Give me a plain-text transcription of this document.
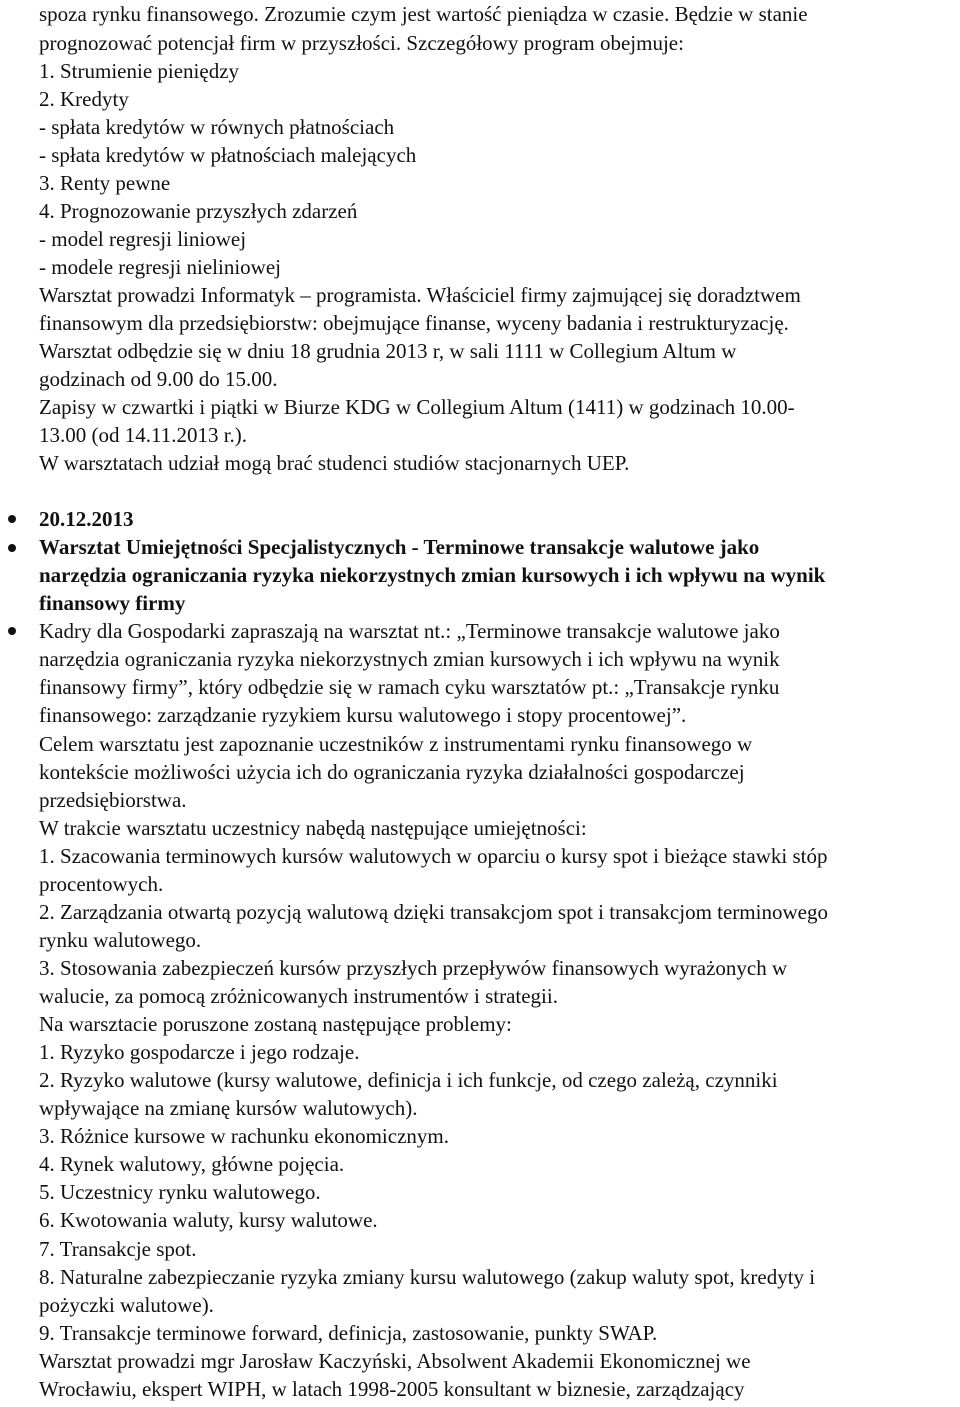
spoza rynku finansowego. Zrozumie czym jest wartość pieniądza w czasie. Będzie w stanie
prognozować potencjał firm w przyszłości. Szczegółowy program obejmuje:
1. Strumienie pieniędzy
2. Kredyty
- spłata kredytów w równych płatnościach
- spłata kredytów w płatnościach malejących
3. Renty pewne
4. Prognozowanie przyszłych zdarzeń
- model regresji liniowej
- modele regresji nieliniowej
Warsztat prowadzi Informatyk – programista. Właściciel firmy zajmującej się doradztwem
finansowym dla przedsiębiorstw: obejmujące finanse, wyceny badania i restrukturyzację.
Warsztat odbędzie się w dniu 18 grudnia 2013 r, w sali 1111 w Collegium Altum w
godzinach od 9.00 do 15.00.
Zapisy w czwartki i piątki w Biurze KDG w Collegium Altum (1411) w godzinach 10.00-
13.00 (od 14.11.2013 r.).
W warsztatach udział mogą brać studenci studiów stacjonarnych UEP.
20.12.2013
Warsztat Umiejętności Specjalistycznych - Terminowe transakcje walutowe jako
narzędzia ograniczania ryzyka niekorzystnych zmian kursowych i ich wpływu na wynik
finansowy firmy
Kadry dla Gospodarki zapraszają na warsztat nt.: „Terminowe transakcje walutowe jako
narzędzia ograniczania ryzyka niekorzystnych zmian kursowych i ich wpływu na wynik
finansowy firmy”, który odbędzie się w ramach cyku warsztatów pt.: „Transakcje rynku
finansowego: zarządzanie ryzykiem kursu walutowego i stopy procentowej”.
Celem warsztatu jest zapoznanie uczestników z instrumentami rynku finansowego w
kontekście możliwości użycia ich do ograniczania ryzyka działalności gospodarczej
przedsiębiorstwa.
W trakcie warsztatu uczestnicy nabędą następujące umiejętności:
1. Szacowania terminowych kursów walutowych w oparciu o kursy spot i bieżące stawki stóp
procentowych.
2. Zarządzania otwartą pozycją walutową dzięki transakcjom spot i transakcjom terminowego
rynku walutowego.
3. Stosowania zabezpieczeń kursów przyszłych przepływów finansowych wyrażonych w
walucie, za pomocą zróżnicowanych instrumentów i strategii.
Na warsztacie poruszone zostaną następujące problemy:
1. Ryzyko gospodarcze i jego rodzaje.
2. Ryzyko walutowe (kursy walutowe, definicja i ich funkcje, od czego zależą, czynniki
wpływające na zmianę kursów walutowych).
3. Różnice kursowe w rachunku ekonomicznym.
4. Rynek walutowy, główne pojęcia.
5. Uczestnicy rynku walutowego.
6. Kwotowania waluty, kursy walutowe.
7. Transakcje spot.
8. Naturalne zabezpieczanie ryzyka zmiany kursu walutowego (zakup waluty spot, kredyty i
pożyczki walutowe).
9. Transakcje terminowe forward, definicja, zastosowanie, punkty SWAP.
Warsztat prowadzi mgr Jarosław Kaczyński, Absolwent Akademii Ekonomicznej we
Wrocławiu, ekspert WIPH, w latach 1998-2005 konsultant w biznesie, zarządzający
